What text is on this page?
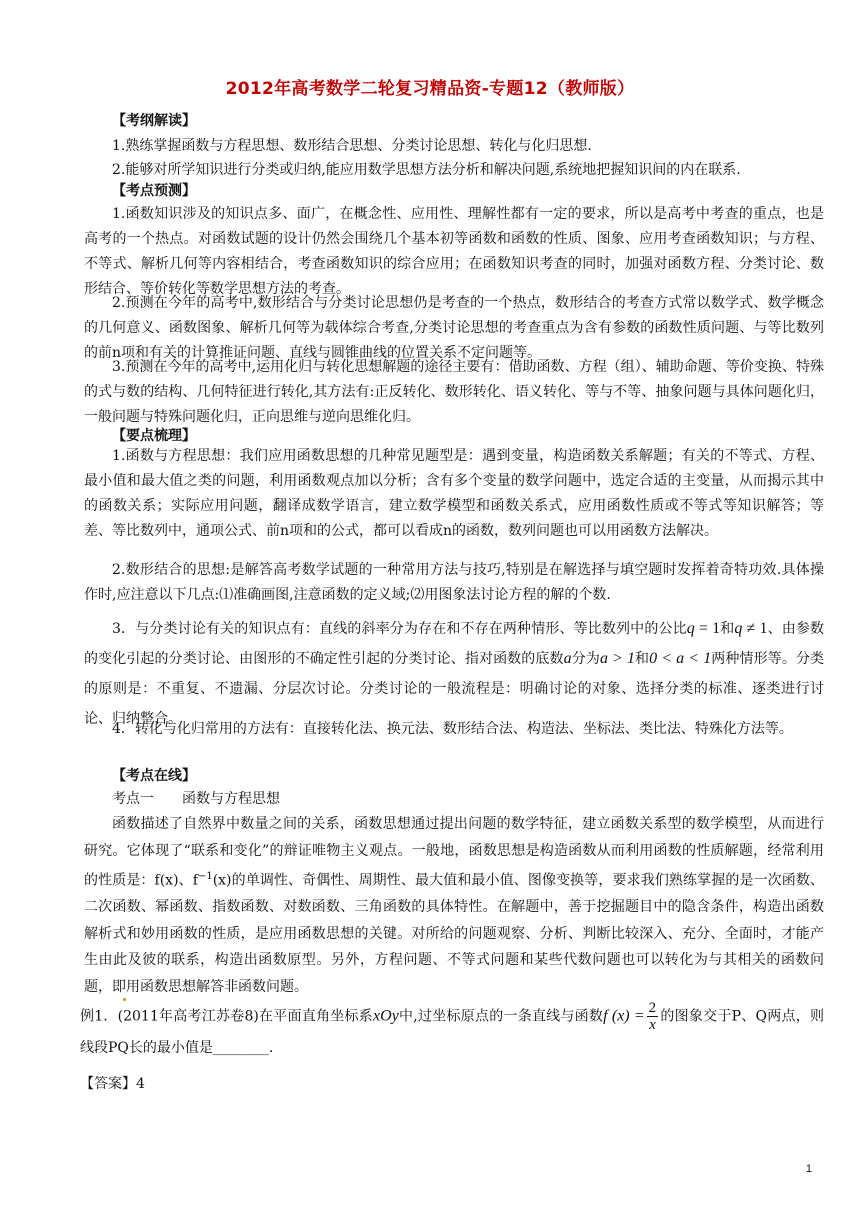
2012年高考数学二轮复习精品资-专题12（教师版）
【考纲解读】
1.熟练掌握函数与方程思想、数形结合思想、分类讨论思想、转化与化归思想.
2.能够对所学知识进行分类或归纳,能应用数学思想方法分析和解决问题,系统地把握知识间的内在联系.
【考点预测】
1.函数知识涉及的知识点多、面广，在概念性、应用性、理解性都有一定的要求，所以是高考中考查的重点，也是高考的一个热点。对函数试题的设计仍然会围绕几个基本初等函数和函数的性质、图象、应用考查函数知识；与方程、不等式、解析几何等内容相结合，考查函数知识的综合应用；在函数知识考查的同时，加强对函数方程、分类讨论、数形结合、等价转化等数学思想方法的考查。
2.预测在今年的高考中,数形结合与分类讨论思想仍是考查的一个热点，数形结合的考查方式常以数学式、数学概念的几何意义、函数图象、解析几何等为载体综合考查,分类讨论思想的考查重点为含有参数的函数性质问题、与等比数列的前n项和有关的计算推证问题、直线与圆锥曲线的位置关系不定问题等。
3.预测在今年的高考中,运用化归与转化思想解题的途径主要有：借助函数、方程（组）、辅助命题、等价变换、特殊的式与数的结构、几何特征进行转化,其方法有:正反转化、数形转化、语义转化、等与不等、抽象问题与具体问题化归，一般问题与特殊问题化归，正向思维与逆向思维化归。
【要点梳理】
1.函数与方程思想：我们应用函数思想的几种常见题型是：遇到变量，构造函数关系解题；有关的不等式、方程、最小值和最大值之类的问题，利用函数观点加以分析；含有多个变量的数学问题中，选定合适的主变量，从而揭示其中的函数关系；实际应用问题，翻译成数学语言，建立数学模型和函数关系式，应用函数性质或不等式等知识解答；等差、等比数列中，通项公式、前n项和的公式，都可以看成n的函数，数列问题也可以用函数方法解决。
2.数形结合的思想:是解答高考数学试题的一种常用方法与技巧,特别是在解选择与填空题时发挥着奇特功效.具体操作时,应注意以下几点:⑴准确画图,注意函数的定义域;⑵用图象法讨论方程的解的个数.
3．与分类讨论有关的知识点有：直线的斜率分为存在和不存在两种情形、等比数列中的公比q = 1和q ≠ 1、由参数的变化引起的分类讨论、由图形的不确定性引起的分类讨论、指对函数的底数a分为a > 1和0 < a < 1两种情形等。分类的原则是：不重复、不遗漏、分层次讨论。分类讨论的一般流程是：明确讨论的对象、选择分类的标准、逐类进行讨论、归纳整合。
4．转化与化归常用的方法有：直接转化法、换元法、数形结合法、构造法、坐标法、类比法、特殊化方法等。
【考点在线】
考点一　　函数与方程思想
函数描述了自然界中数量之间的关系，函数思想通过提出问题的数学特征，建立函数关系型的数学模型，从而进行研究。它体现了“联系和变化”的辩证唯物主义观点。一般地，函数思想是构造函数从而利用函数的性质解题，经常利用的性质是：f(x)、$f^{-1}(x)$的单调性、奇偶性、周期性、最大值和最小值、图像变换等，要求我们熟练掌握的是一次函数、二次函数、幂函数、指数函数、对数函数、三角函数的具体特性。在解题中，善于挖掘题目中的隐含条件，构造出函数解析式和妙用函数的性质，是应用函数思想的关键。对所给的问题观察、分析、判断比较深入、充分、全面时，才能产生由此及彼的联系，构造出函数原型。另外，方程问题、不等式问题和某些代数问题也可以转化为与其相关的函数问题，即用函数思想解答非函数问题。
例1．(2011年高考江苏卷8)在平面直角坐标系xOy中,过坐标原点的一条直线与函数f $(x) = \frac{2}{x}$ 的图象交于P、Q两点，则线段PQ长的最小值是________.
【答案】4
1
